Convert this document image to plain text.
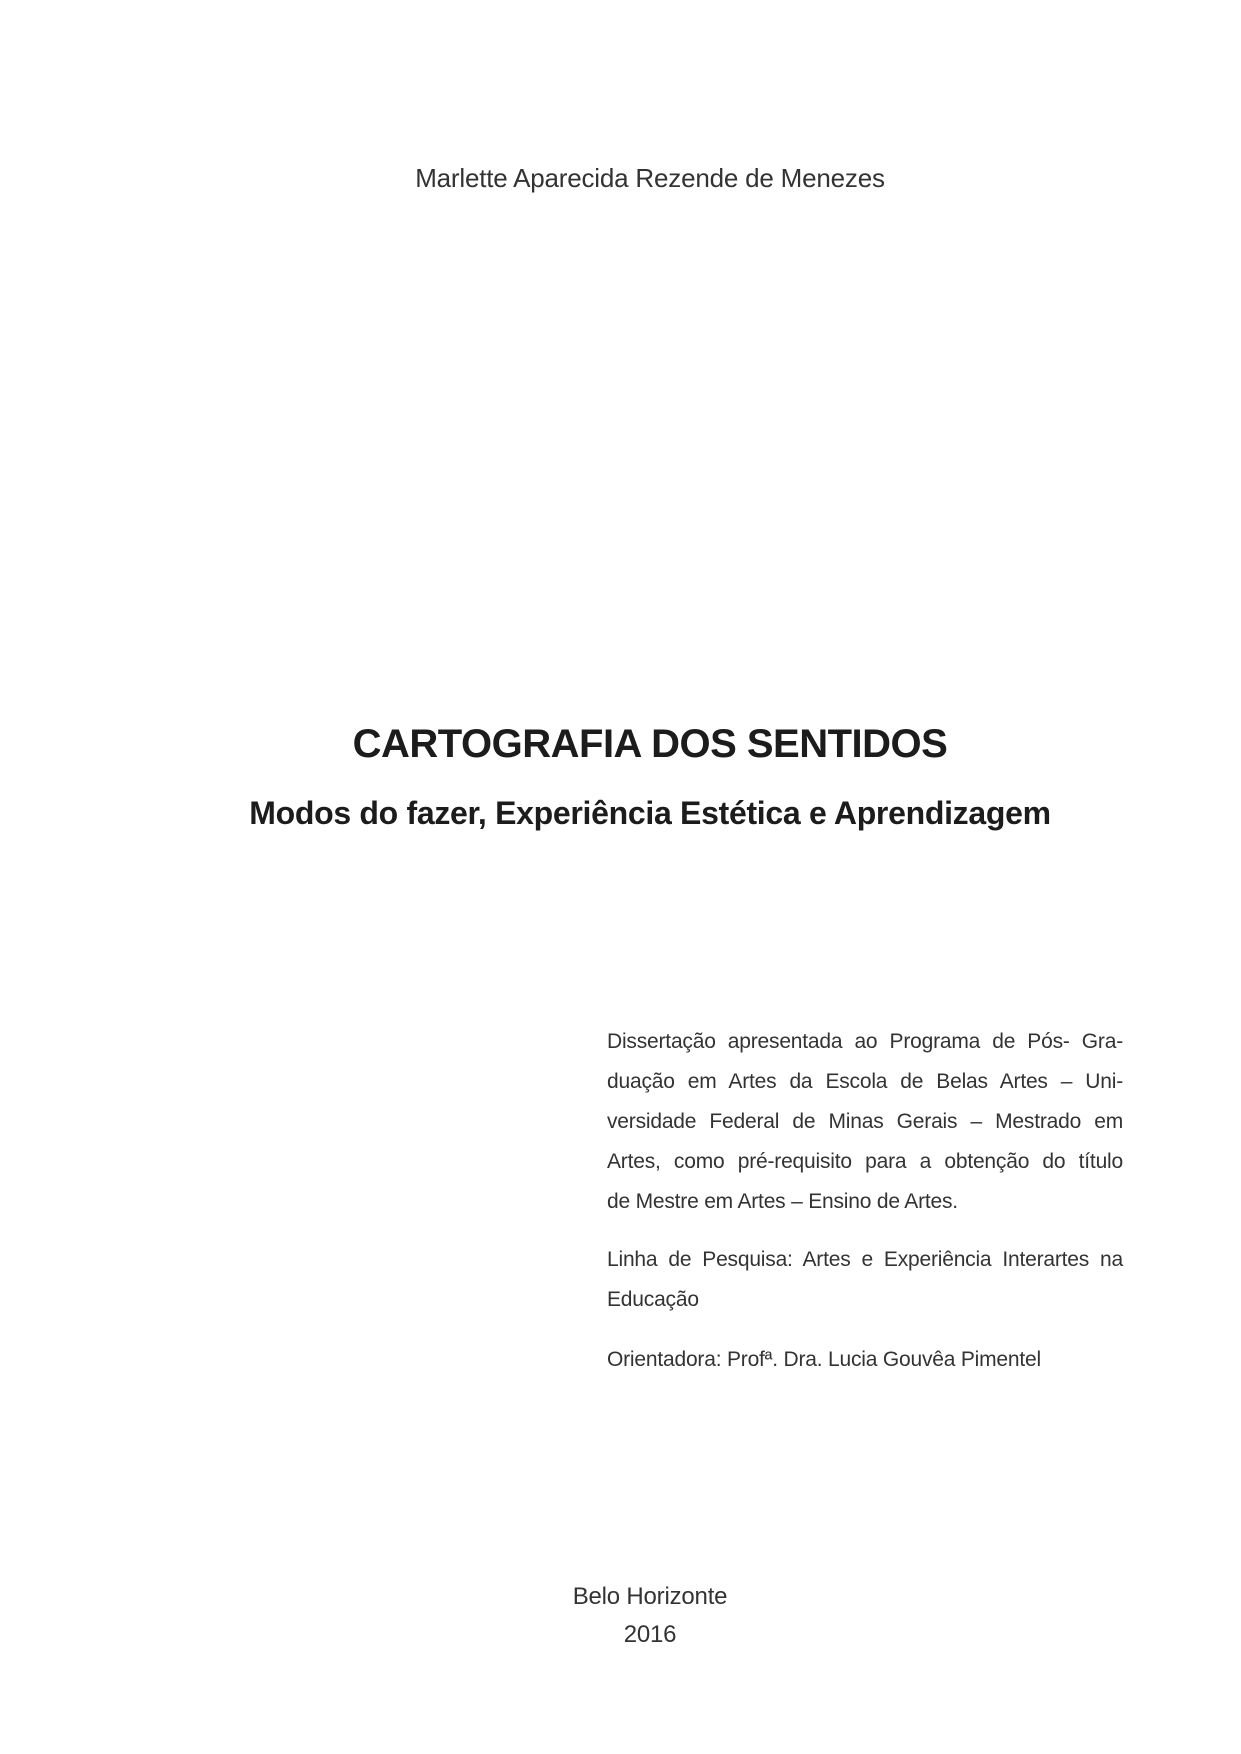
Marlette Aparecida Rezende de Menezes
CARTOGRAFIA DOS SENTIDOS
Modos do fazer, Experiência Estética e Aprendizagem
Dissertação apresentada ao Programa de Pós- Gra-
duação em Artes da Escola de Belas Artes – Uni-
versidade Federal de Minas Gerais – Mestrado em
Artes, como pré-requisito para a obtenção do título
de Mestre em Artes – Ensino de Artes.
Linha de Pesquisa: Artes e Experiência Interartes na
Educação
Orientadora: Profª. Dra. Lucia Gouvêa Pimentel
Belo Horizonte
2016
